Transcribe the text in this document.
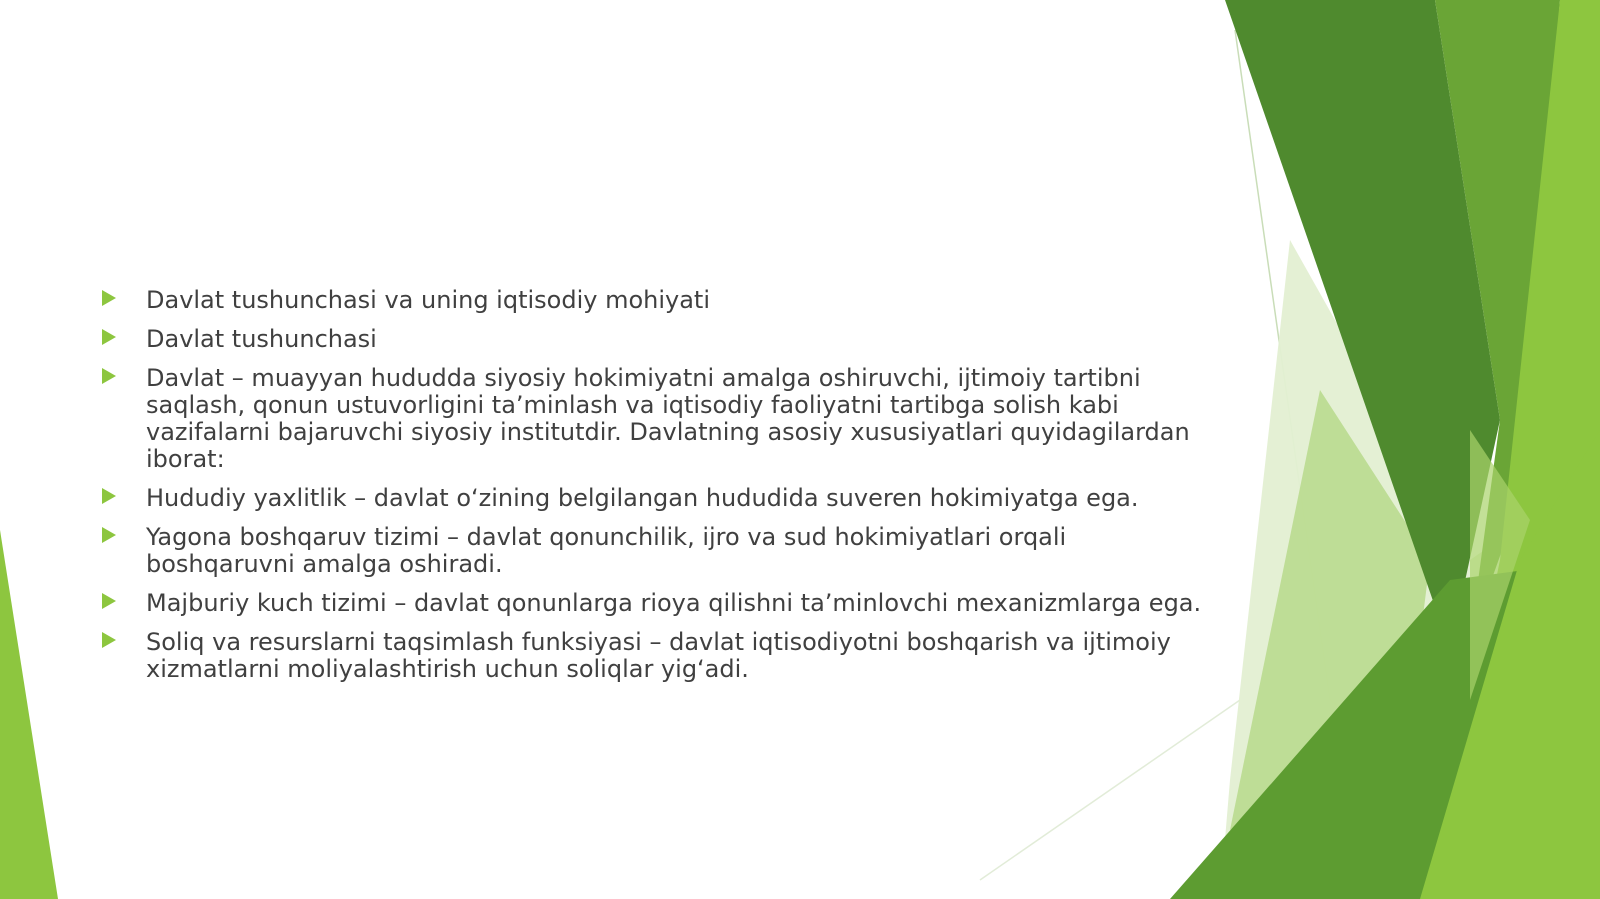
Davlat tushunchasi va uning iqtisodiy mohiyati
Davlat tushunchasi
Davlat – muayyan hududda siyosiy hokimiyatni amalga oshiruvchi, ijtimoiy tartibni saqlash, qonun ustuvorligini ta’minlash va iqtisodiy faoliyatni tartibga solish kabi vazifalarni bajaruvchi siyosiy institutdir. Davlatning asosiy xususiyatlari quyidagilardan iborat:
Hududiy yaxlitlik – davlat o‘zining belgilangan hududida suveren hokimiyatga ega.
Yagona boshqaruv tizimi – davlat qonunchilik, ijro va sud hokimiyatlari orqali boshqaruvni amalga oshiradi.
Majburiy kuch tizimi – davlat qonunlarga rioya qilishni ta’minlovchi mexanizmlarga ega.
Soliq va resurslarni taqsimlash funksiyasi – davlat iqtisodiyotni boshqarish va ijtimoiy xizmatlarni moliyalashtirish uchun soliqlar yig‘adi.
